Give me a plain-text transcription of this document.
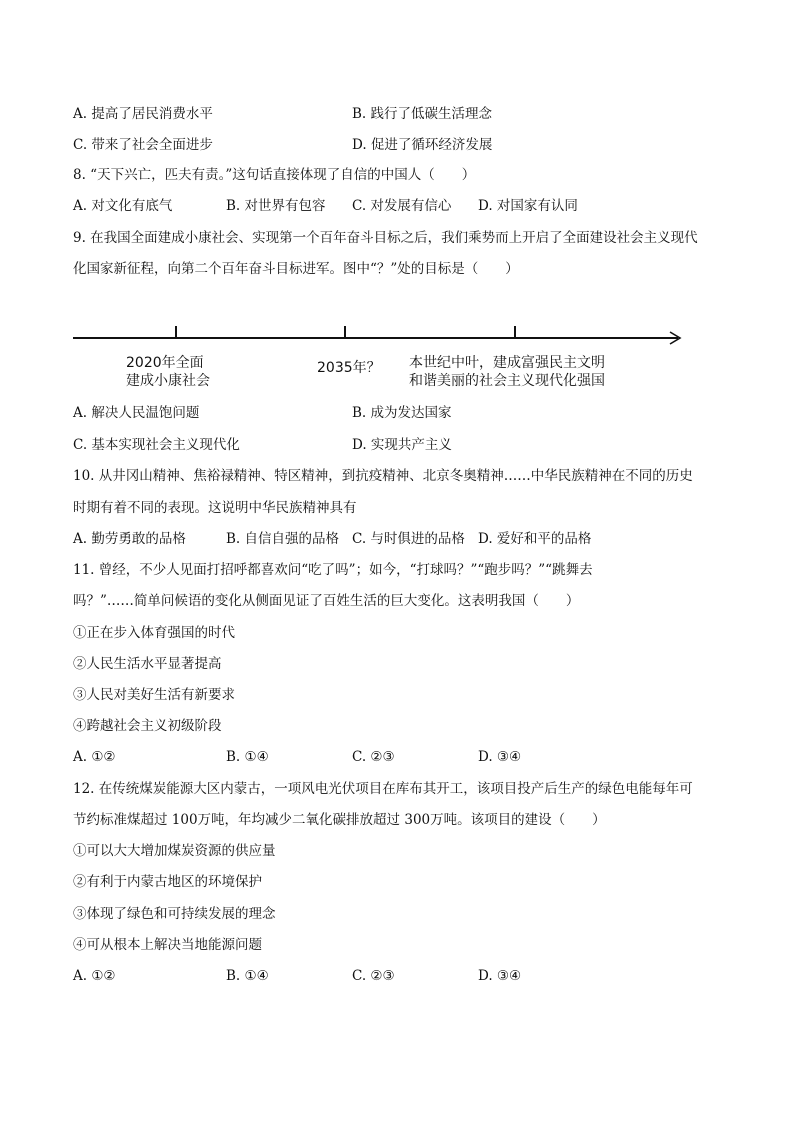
A. 提高了居民消费水平	B. 践行了低碳生活理念
C. 带来了社会全面进步	D. 促进了循环经济发展
8. “天下兴亡，匹夫有责。”这句话直接体现了自信的中国人（　　）
A. 对文化有底气	B. 对世界有包容 C. 对发展有信心 D. 对国家有认同
9. 在我国全面建成小康社会、实现第一个百年奋斗目标之后，我们乘势而上开启了全面建设社会主义现代
化国家新征程，向第二个百年奋斗目标进军。图中“？”处的目标是（　　）
2020年全面
建成小康社会
2035年？ 本世纪中叶，建成富强民主文明
和谐美丽的社会主义现代化强国
A. 解决人民温饱问题	B. 成为发达国家
C. 基本实现社会主义现代化	D. 实现共产主义
10. 从井冈山精神、焦裕禄精神、特区精神，到抗疫精神、北京冬奥精神……中华民族精神在不同的历史
时期有着不同的表现。这说明中华民族精神具有
A. 勤劳勇敢的品格	B. 自信自强的品格 C. 与时俱进的品格 D. 爱好和平的品格
11. 曾经，不少人见面打招呼都喜欢问“吃了吗”；如今，“打球吗？”“跑步吗？”“跳舞去
吗？”……简单问候语的变化从侧面见证了百姓生活的巨大变化。这表明我国（　　）
①正在步入体育强国的时代
②人民生活水平显著提高
③人民对美好生活有新要求
④跨越社会主义初级阶段
A. ①②	B. ①④	C. ②③	D. ③④
12. 在传统煤炭能源大区内蒙古，一项风电光伏项目在库布其开工，该项目投产后生产的绿色电能每年可
节约标准煤超过 100万吨，年均减少二氧化碳排放超过 300万吨。该项目的建设（　　）
①可以大大增加煤炭资源的供应量
②有利于内蒙古地区的环境保护
③体现了绿色和可持续发展的理念
④可从根本上解决当地能源问题
A. ①②	B. ①④	C. ②③	D. ③④
